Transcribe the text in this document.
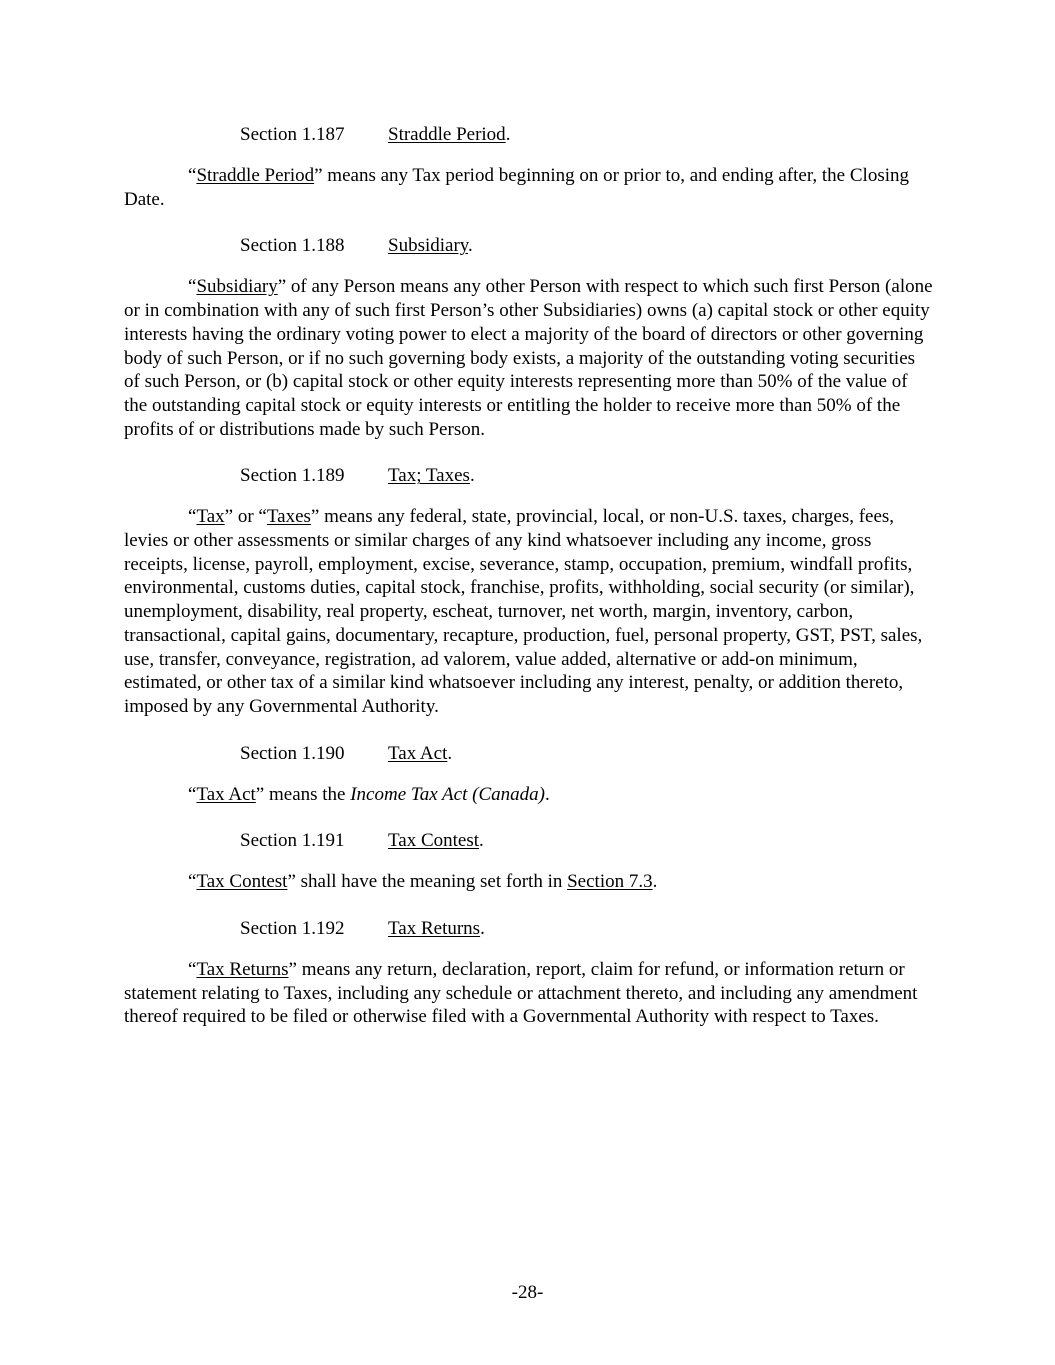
Section 1.187 Straddle Period.

“Straddle Period” means any Tax period beginning on or prior to, and ending after, the Closing Date.

Section 1.188 Subsidiary.

“Subsidiary” of any Person means any other Person with respect to which such first Person (alone or in combination with any of such first Person’s other Subsidiaries) owns (a) capital stock or other equity interests having the ordinary voting power to elect a majority of the board of directors or other governing body of such Person, or if no such governing body exists, a majority of the outstanding voting securities of such Person, or (b) capital stock or other equity interests representing more than 50% of the value of the outstanding capital stock or equity interests or entitling the holder to receive more than 50% of the profits of or distributions made by such Person.

Section 1.189 Tax; Taxes.

“Tax” or “Taxes” means any federal, state, provincial, local, or non-U.S. taxes, charges, fees, levies or other assessments or similar charges of any kind whatsoever including any income, gross receipts, license, payroll, employment, excise, severance, stamp, occupation, premium, windfall profits, environmental, customs duties, capital stock, franchise, profits, withholding, social security (or similar), unemployment, disability, real property, escheat, turnover, net worth, margin, inventory, carbon, transactional, capital gains, documentary, recapture, production, fuel, personal property, GST, PST, sales, use, transfer, conveyance, registration, ad valorem, value added, alternative or add-on minimum, estimated, or other tax of a similar kind whatsoever including any interest, penalty, or addition thereto, imposed by any Governmental Authority.

Section 1.190 Tax Act.

“Tax Act” means the Income Tax Act (Canada).

Section 1.191 Tax Contest.

“Tax Contest” shall have the meaning set forth in Section 7.3.

Section 1.192 Tax Returns.

“Tax Returns” means any return, declaration, report, claim for refund, or information return or statement relating to Taxes, including any schedule or attachment thereto, and including any amendment thereof required to be filed or otherwise filed with a Governmental Authority with respect to Taxes.

-28-
